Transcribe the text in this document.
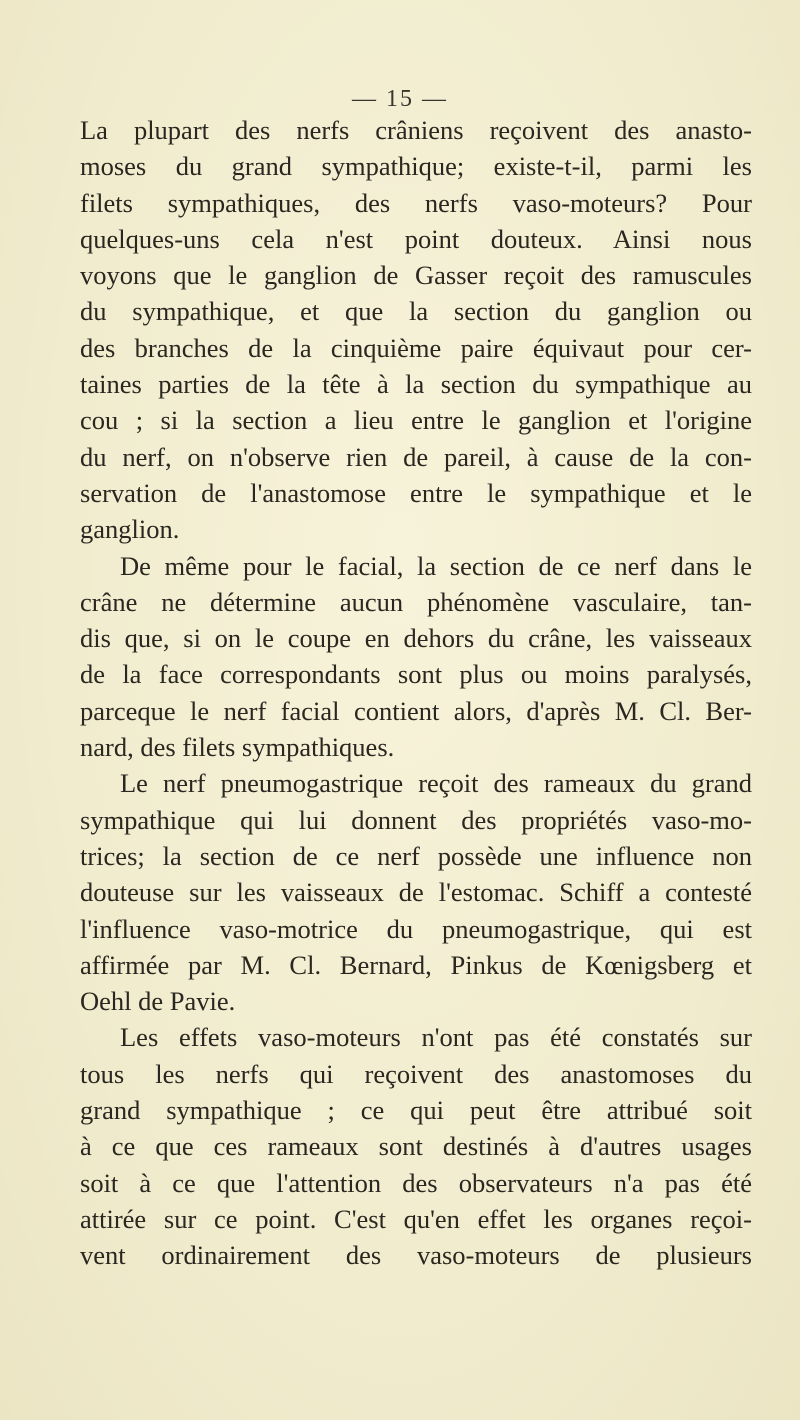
— 15 —
La plupart des nerfs crâniens reçoivent des anasto-
moses du grand sympathique; existe-t-il, parmi les
filets sympathiques, des nerfs vaso-moteurs? Pour
quelques-uns cela n'est point douteux. Ainsi nous
voyons que le ganglion de Gasser reçoit des ramuscules
du sympathique, et que la section du ganglion ou
des branches de la cinquième paire équivaut pour cer-
taines parties de la tête à la section du sympathique au
cou ; si la section a lieu entre le ganglion et l'origine
du nerf, on n'observe rien de pareil, à cause de la con-
servation de l'anastomose entre le sympathique et le
ganglion.
De même pour le facial, la section de ce nerf dans le
crâne ne détermine aucun phénomène vasculaire, tan-
dis que, si on le coupe en dehors du crâne, les vaisseaux
de la face correspondants sont plus ou moins paralysés,
parceque le nerf facial contient alors, d'après M. Cl. Ber-
nard, des filets sympathiques.
Le nerf pneumogastrique reçoit des rameaux du grand
sympathique qui lui donnent des propriétés vaso-mo-
trices; la section de ce nerf possède une influence non
douteuse sur les vaisseaux de l'estomac. Schiff a contesté
l'influence vaso-motrice du pneumogastrique, qui est
affirmée par M. Cl. Bernard, Pinkus de Kœnigsberg et
Oehl de Pavie.
Les effets vaso-moteurs n'ont pas été constatés sur
tous les nerfs qui reçoivent des anastomoses du
grand sympathique ; ce qui peut être attribué soit
à ce que ces rameaux sont destinés à d'autres usages
soit à ce que l'attention des observateurs n'a pas été
attirée sur ce point. C'est qu'en effet les organes reçoi-
vent ordinairement des vaso-moteurs de plusieurs
